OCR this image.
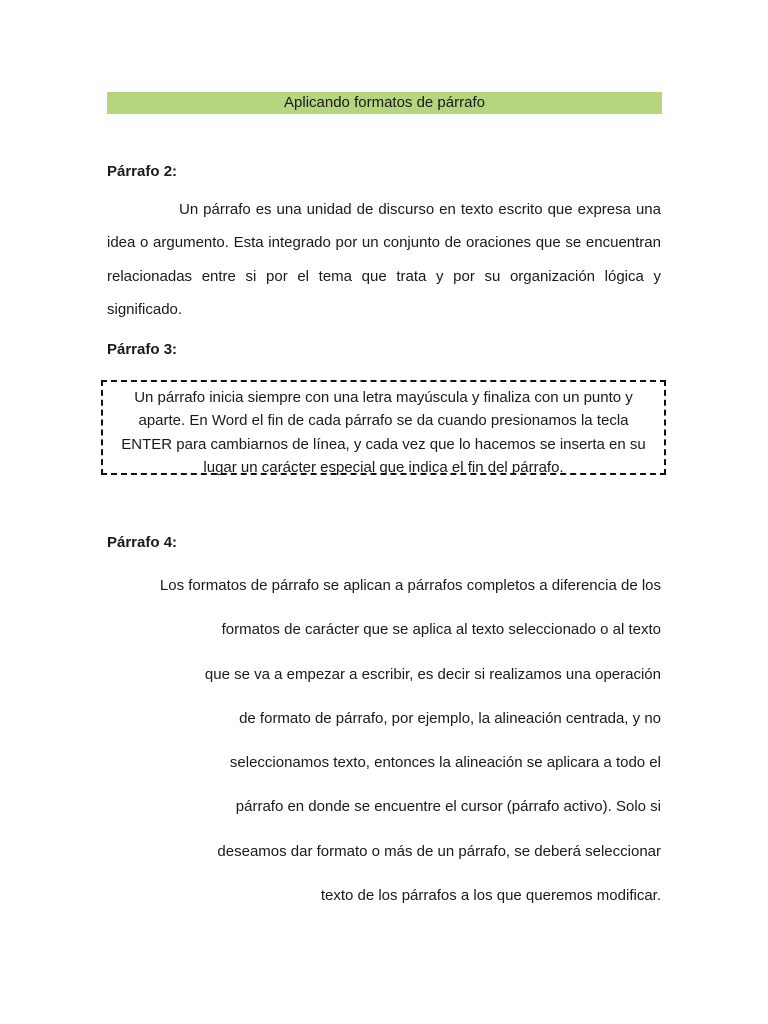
Aplicando formatos de párrafo
Párrafo 2:

Un párrafo es una unidad de discurso en texto escrito que expresa una idea o argumento. Esta integrado por un conjunto de oraciones que se encuentran relacionadas entre si por el tema que trata y por su organización lógica y significado.

Párrafo 3:
Un párrafo inicia siempre con una letra mayúscula y finaliza con un punto y
aparte. En Word el fin de cada párrafo se da cuando presionamos la tecla
ENTER para cambiarnos de línea, y cada vez que lo hacemos se inserta en su
lugar un carácter especial que indica el fin del párrafo.
Párrafo 4:
Los formatos de párrafo se aplican a párrafos completos a diferencia de los
formatos de carácter que se aplica al texto seleccionado o al texto
que se va a empezar a escribir, es decir si realizamos una operación
de formato de párrafo, por ejemplo, la alineación centrada, y no
seleccionamos texto, entonces la alineación se aplicara a todo el
párrafo en donde se encuentre el cursor (párrafo activo). Solo si
deseamos dar formato o más de un párrafo, se deberá seleccionar
texto de los párrafos a los que queremos modificar.
